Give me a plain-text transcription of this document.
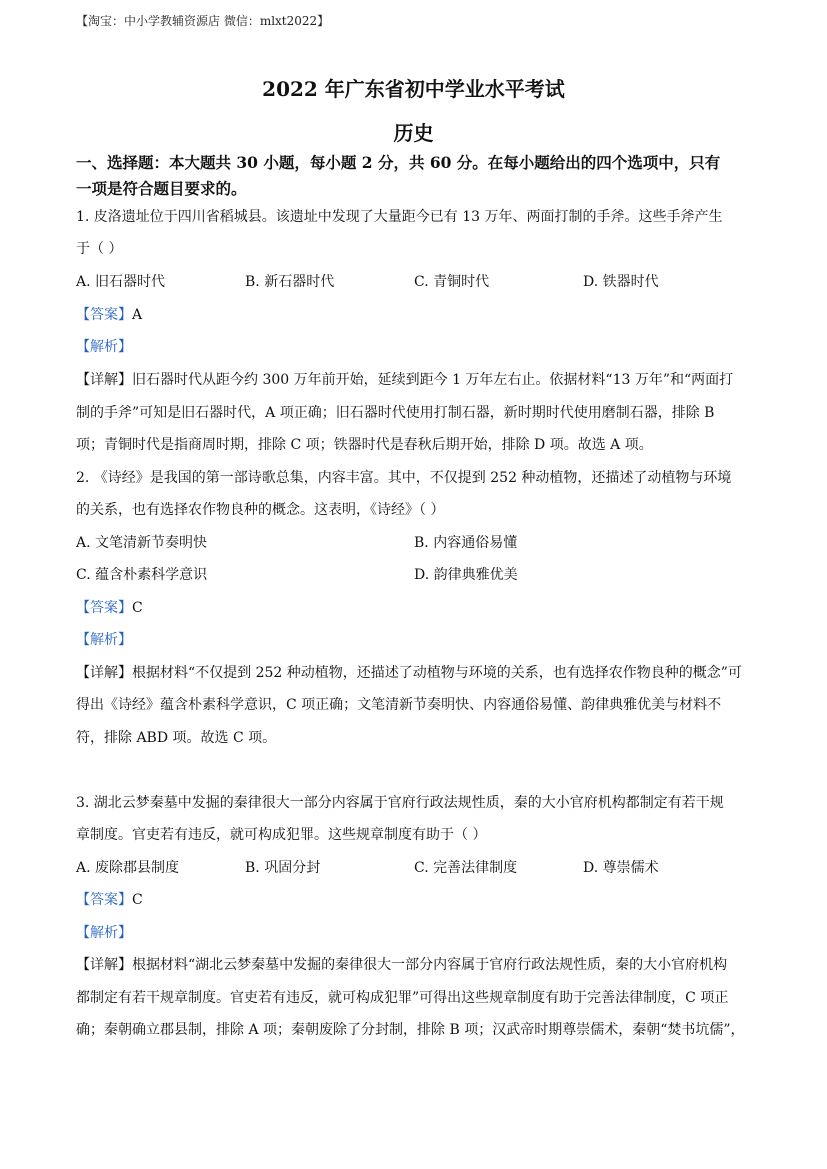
【淘宝：中小学教辅资源店 微信：mlxt2022】
2022 年广东省初中学业水平考试
历史
一、选择题：本大题共 30 小题，每小题 2 分，共 60 分。在每小题给出的四个选项中，只有
一项是符合题目要求的。
1. 皮洛遗址位于四川省稻城县。该遗址中发现了大量距今已有 13 万年、两面打制的手斧。这些手斧产生
于（ ）
A. 旧石器时代	B. 新石器时代	C. 青铜时代	D. 铁器时代
【答案】A
【解析】
【详解】旧石器时代从距今约 300 万年前开始，延续到距今 1 万年左右止。依据材料“13 万年”和“两面打
制的手斧”可知是旧石器时代，A 项正确；旧石器时代使用打制石器，新时期时代使用磨制石器，排除 B
项；青铜时代是指商周时期，排除 C 项；铁器时代是春秋后期开始，排除 D 项。故选 A 项。
2. 《诗经》是我国的第一部诗歌总集，内容丰富。其中，不仅提到 252 种动植物，还描述了动植物与环境
的关系，也有选择农作物良种的概念。这表明，《诗经》（ ）
A. 文笔清新节奏明快	B. 内容通俗易懂
C. 蕴含朴素科学意识	D. 韵律典雅优美
【答案】C
【解析】
【详解】根据材料“不仅提到 252 种动植物，还描述了动植物与环境的关系，也有选择农作物良种的概念”可
得出《诗经》蕴含朴素科学意识，C 项正确；文笔清新节奏明快、内容通俗易懂、韵律典雅优美与材料不
符，排除 ABD 项。故选 C 项。
3. 湖北云梦秦墓中发掘的秦律很大一部分内容属于官府行政法规性质，秦的大小官府机构都制定有若干规
章制度。官吏若有违反，就可构成犯罪。这些规章制度有助于（ ）
A. 废除郡县制度	B. 巩固分封	C. 完善法律制度	D. 尊崇儒术
【答案】C
【解析】
【详解】根据材料“湖北云梦秦墓中发掘的秦律很大一部分内容属于官府行政法规性质，秦的大小官府机构
都制定有若干规章制度。官吏若有违反，就可构成犯罪”可得出这些规章制度有助于完善法律制度，C 项正
确；秦朝确立郡县制，排除 A 项；秦朝废除了分封制，排除 B 项；汉武帝时期尊崇儒术，秦朝“焚书坑儒”，
